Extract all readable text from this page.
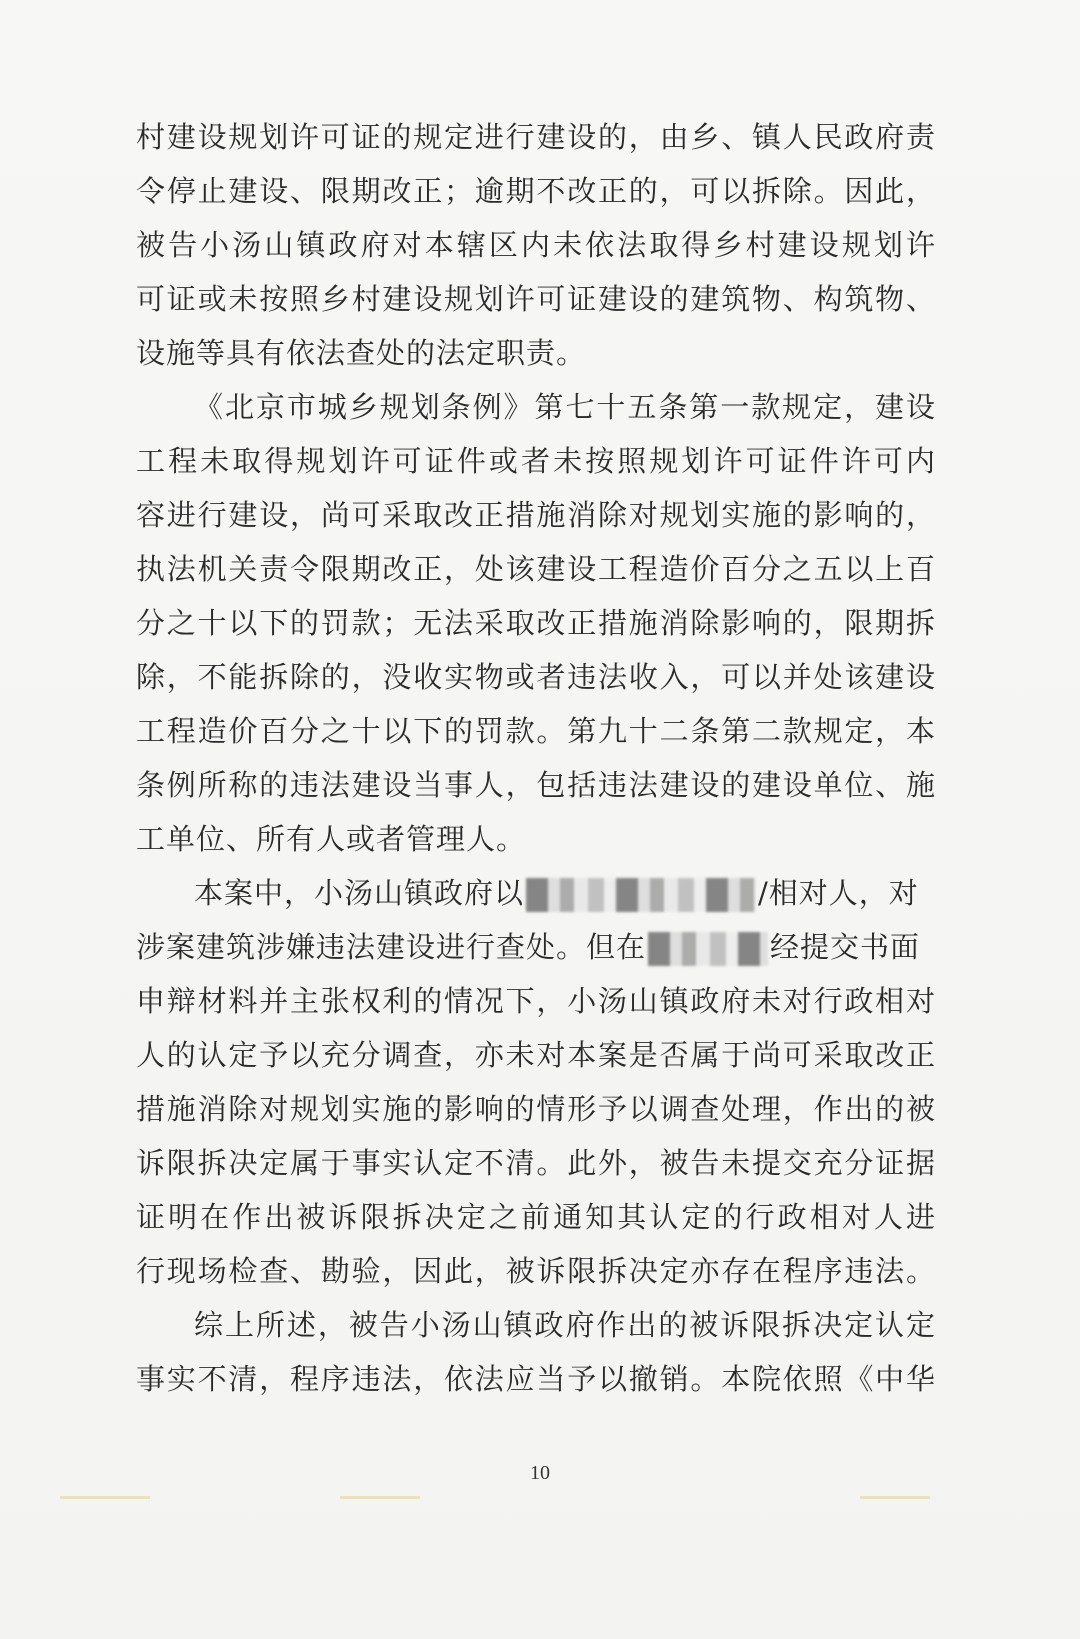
村建设规划许可证的规定进行建设的，由乡、镇人民政府责
令停止建设、限期改正；逾期不改正的，可以拆除。因此，
被告小汤山镇政府对本辖区内未依法取得乡村建设规划许
可证或未按照乡村建设规划许可证建设的建筑物、构筑物、
设施等具有依法查处的法定职责。
《北京市城乡规划条例》第七十五条第一款规定，建设
工程未取得规划许可证件或者未按照规划许可证件许可内
容进行建设，尚可采取改正措施消除对规划实施的影响的，
执法机关责令限期改正，处该建设工程造价百分之五以上百
分之十以下的罚款；无法采取改正措施消除影响的，限期拆
除，不能拆除的，没收实物或者违法收入，可以并处该建设
工程造价百分之十以下的罚款。第九十二条第二款规定，本
条例所称的违法建设当事人，包括违法建设的建设单位、施
工单位、所有人或者管理人。
本案中，小汤山镇政府以	/相对人，对
涉案建筑涉嫌违法建设进行查处。但在	经提交书面
申辩材料并主张权利的情况下，小汤山镇政府未对行政相对
人的认定予以充分调查，亦未对本案是否属于尚可采取改正
措施消除对规划实施的影响的情形予以调查处理，作出的被
诉限拆决定属于事实认定不清。此外，被告未提交充分证据
证明在作出被诉限拆决定之前通知其认定的行政相对人进
行现场检查、勘验，因此，被诉限拆决定亦存在程序违法。
综上所述，被告小汤山镇政府作出的被诉限拆决定认定
事实不清，程序违法，依法应当予以撤销。本院依照《中华
10
